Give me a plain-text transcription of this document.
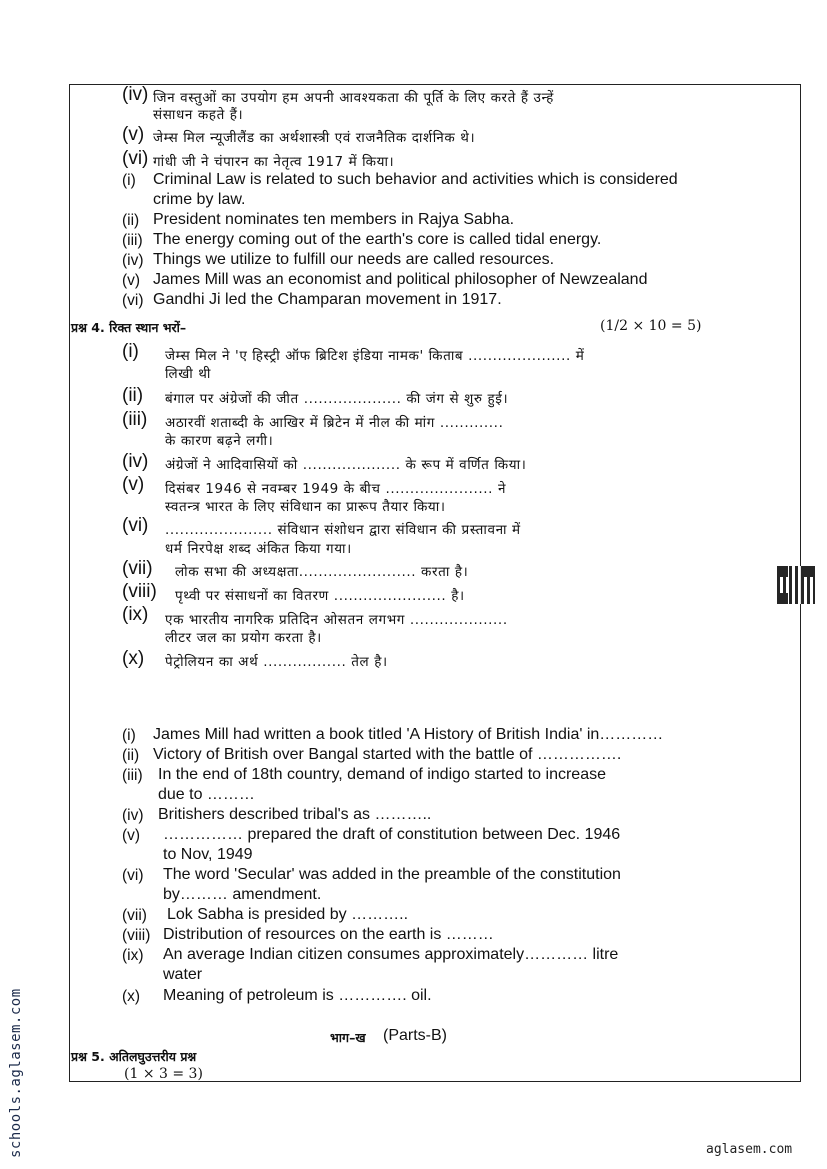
(iv) जिन वस्तुओं का उपयोग हम अपनी आवश्यकता की पूर्ति के लिए करते हैं उन्हें
संसाधन कहते हैं।
(v) जेम्स मिल न्यूजीलैंड का अर्थशास्त्री एवं राजनैतिक दार्शनिक थे।
(vi) गांधी जी ने चंपारन का नेतृत्व 1917 में किया।
(i) Criminal Law is related to such behavior and activities which is considered
crime by law.
(ii) President nominates ten members in Rajya Sabha.
(iii) The energy coming out of the earth's core is called tidal energy.
(iv) Things we utilize to fulfill our needs are called resources.
(v) James Mill was an economist and political philosopher of Newzealand
(vi) Gandhi Ji led the Champaran movement in 1917.
प्रश्न 4. रिक्त स्थान भरों–	(1/2 × 10 = 5)
(i) जेम्स मिल ने 'ए हिस्ट्री ऑफ ब्रिटिश इंडिया नामक' किताब ..................... में
लिखी थी
(ii) बंगाल पर अंग्रेजों की जीत .................... की जंग से शुरु हुई।
(iii) अठारवीं शताब्दी के आखिर में ब्रिटेन में नील की मांग .............
के कारण बढ़ने लगी।
(iv) अंग्रेजों ने आदिवासियों को .................... के रूप में वर्णित किया।
(v) दिसंबर 1946 से नवम्बर 1949 के बीच ...................... ने
स्वतन्त्र भारत के लिए संविधान का प्रारूप तैयार किया।
(vi) ...................... संविधान संशोधन द्वारा संविधान की प्रस्तावना में
धर्म निरपेक्ष शब्द अंकित किया गया।
(vii) लोक सभा की अध्यक्षता........................ करता है।
(viii) पृथ्वी पर संसाधनों का वितरण ....................... है।
(ix) एक भारतीय नागरिक प्रतिदिन ओसतन लगभग ....................
लीटर जल का प्रयोग करता है।
(x) पेट्रोलियन का अर्थ ................. तेल है।
(i) James Mill had written a book titled 'A History of British India' in…………
(ii) Victory of British over Bangal started with the battle of …………….
(iii) In the end of 18th country, demand of indigo started to increase
due to ………
(iv) Britishers described tribal's as ………..
(v) …………… prepared the draft of constitution between Dec. 1946
to Nov, 1949
(vi) The word 'Secular' was added in the preamble of the constitution
by……… amendment.
(vii) Lok Sabha is presided by ………..
(viii) Distribution of resources on the earth is ………
(ix) An average Indian citizen consumes approximately………… litre
water
(x) Meaning of petroleum is …………. oil.
भाग–ख (Parts-B)
प्रश्न 5. अतिलघुउत्तरीय प्रश्न
(1 × 3 = 3)
schools.aglasem.com	aglasem.com
